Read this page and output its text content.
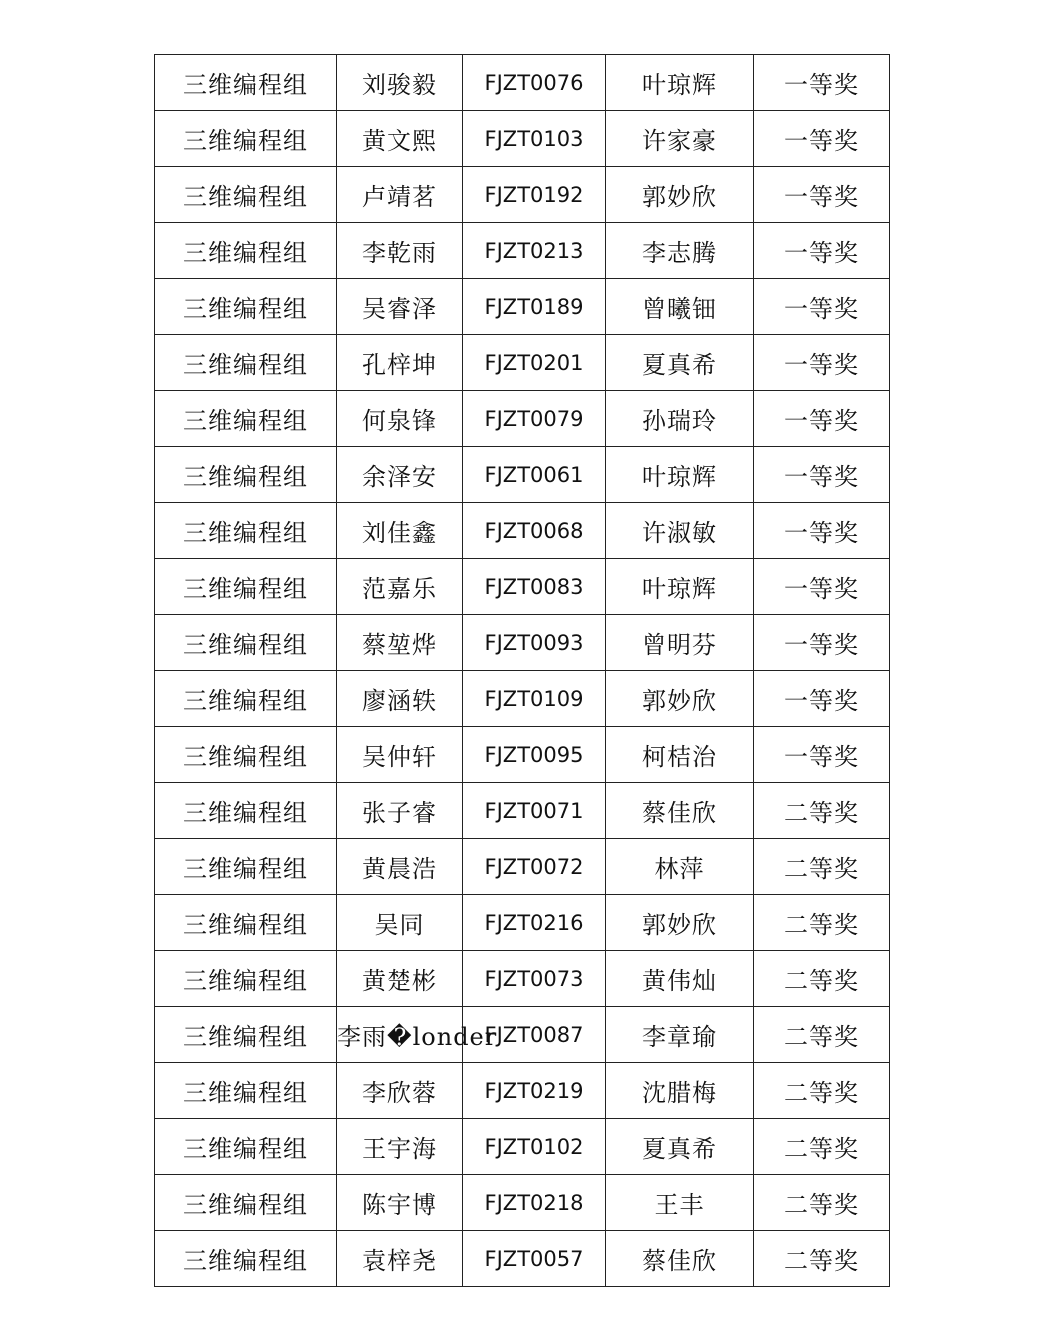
三维编程组	刘骏毅	FJZT0076	叶琼辉	一等奖
三维编程组	黄文熙	FJZT0103	许家豪	一等奖
三维编程组	卢靖茗	FJZT0192	郭妙欣	一等奖
三维编程组	李乾雨	FJZT0213	李志腾	一等奖
三维编程组	吴睿泽	FJZT0189	曾曦钿	一等奖
三维编程组	孔梓坤	FJZT0201	夏真希	一等奖
三维编程组	何泉锋	FJZT0079	孙瑞玲	一等奖
三维编程组	余泽安	FJZT0061	叶琼辉	一等奖
三维编程组	刘佳鑫	FJZT0068	许淑敏	一等奖
三维编程组	范嘉乐	FJZT0083	叶琼辉	一等奖
三维编程组	蔡堃烨	FJZT0093	曾明芬	一等奖
三维编程组	廖涵轶	FJZT0109	郭妙欣	一等奖
三维编程组	吴仲轩	FJZT0095	柯桔治	一等奖
三维编程组	张子睿	FJZT0071	蔡佳欣	二等奖
三维编程组	黄晨浩	FJZT0072	林萍	二等奖
三维编程组	吴同	FJZT0216	郭妙欣	二等奖
三维编程组	黄楚彬	FJZT0073	黄伟灿	二等奖
三维编程组	李雨�londer	FJZT0087	李章瑜	二等奖
三维编程组	李欣蓉	FJZT0219	沈腊梅	二等奖
三维编程组	王宇海	FJZT0102	夏真希	二等奖
三维编程组	陈宇博	FJZT0218	王丰	二等奖
三维编程组	袁梓尧	FJZT0057	蔡佳欣	二等奖
